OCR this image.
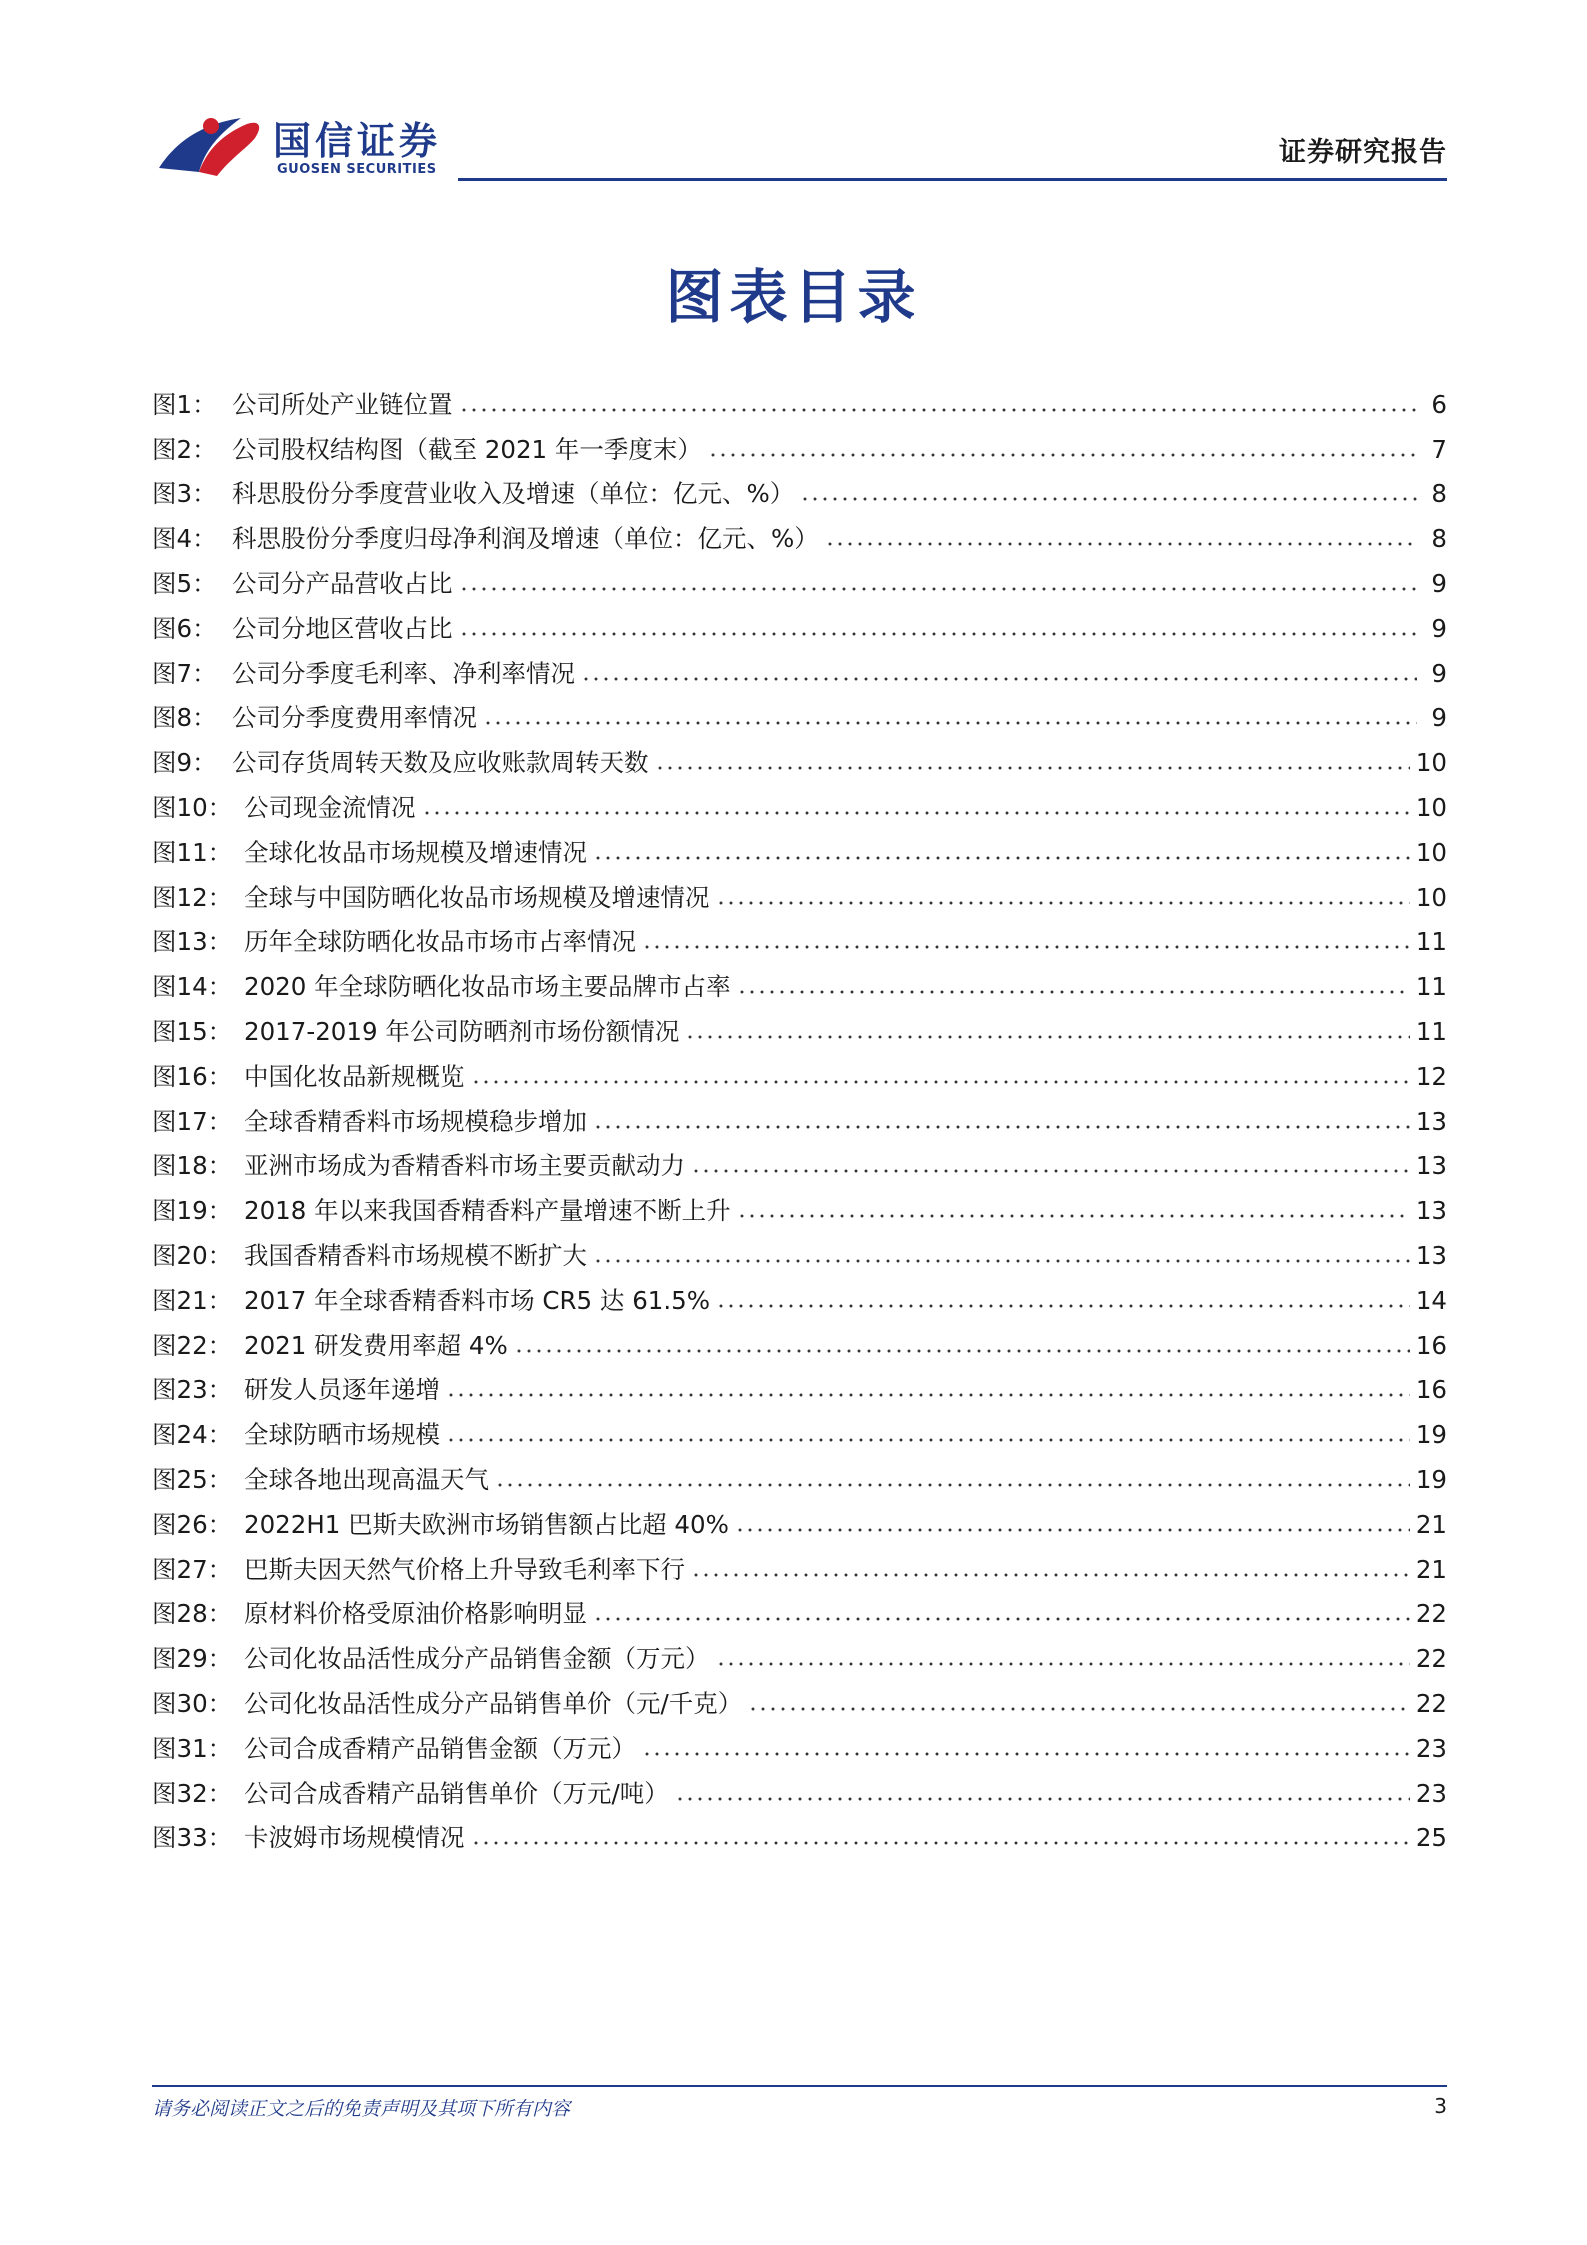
国信证券
GUOSEN SECURITIES
证券研究报告
图表目录
图1： 公司所处产业链位置	6
图2： 公司股权结构图（截至 2021 年一季度末）	7
图3： 科思股份分季度营业收入及增速（单位：亿元、%）	8
图4： 科思股份分季度归母净利润及增速（单位：亿元、%）	8
图5： 公司分产品营收占比	9
图6： 公司分地区营收占比	9
图7： 公司分季度毛利率、净利率情况	9
图8： 公司分季度费用率情况	9
图9： 公司存货周转天数及应收账款周转天数	10
图10： 公司现金流情况	10
图11： 全球化妆品市场规模及增速情况	10
图12： 全球与中国防晒化妆品市场规模及增速情况	10
图13： 历年全球防晒化妆品市场市占率情况	11
图14： 2020 年全球防晒化妆品市场主要品牌市占率	11
图15： 2017-2019 年公司防晒剂市场份额情况	11
图16： 中国化妆品新规概览	12
图17： 全球香精香料市场规模稳步增加	13
图18： 亚洲市场成为香精香料市场主要贡献动力	13
图19： 2018 年以来我国香精香料产量增速不断上升	13
图20： 我国香精香料市场规模不断扩大	13
图21： 2017 年全球香精香料市场 CR5 达 61.5%	14
图22： 2021 研发费用率超 4%	16
图23： 研发人员逐年递增	16
图24： 全球防晒市场规模	19
图25： 全球各地出现高温天气	19
图26： 2022H1 巴斯夫欧洲市场销售额占比超 40%	21
图27： 巴斯夫因天然气价格上升导致毛利率下行	21
图28： 原材料价格受原油价格影响明显	22
图29： 公司化妆品活性成分产品销售金额（万元）	22
图30： 公司化妆品活性成分产品销售单价（元/千克）	22
图31： 公司合成香精产品销售金额（万元）	23
图32： 公司合成香精产品销售单价（万元/吨）	23
图33： 卡波姆市场规模情况	25
请务必阅读正文之后的免责声明及其项下所有内容	3
